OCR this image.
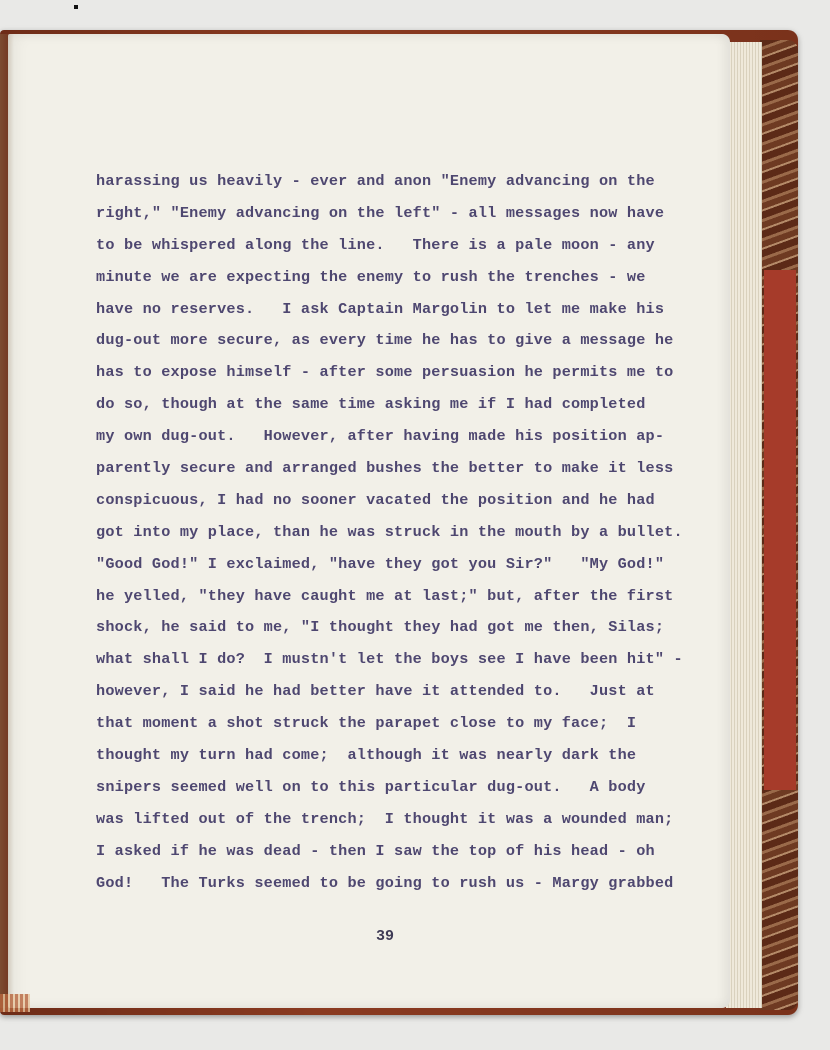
harassing us heavily - ever and anon "Enemy advancing on the
right," "Enemy advancing on the left" - all messages now have
to be whispered along the line.   There is a pale moon - any
minute we are expecting the enemy to rush the trenches - we
have no reserves.   I ask Captain Margolin to let me make his
dug-out more secure, as every time he has to give a message he
has to expose himself - after some persuasion he permits me to
do so, though at the same time asking me if I had completed
my own dug-out.   However, after having made his position ap-
parently secure and arranged bushes the better to make it less
conspicuous, I had no sooner vacated the position and he had
got into my place, than he was struck in the mouth by a bullet.
"Good God!" I exclaimed, "have they got you Sir?"   "My God!"
he yelled, "they have caught me at last;" but, after the first
shock, he said to me, "I thought they had got me then, Silas;
what shall I do?  I mustn't let the boys see I have been hit" -
however, I said he had better have it attended to.   Just at
that moment a shot struck the parapet close to my face;  I
thought my turn had come;  although it was nearly dark the
snipers seemed well on to this particular dug-out.   A body
was lifted out of the trench;  I thought it was a wounded man;
I asked if he was dead - then I saw the top of his head - oh
God!   The Turks seemed to be going to rush us - Margy grabbed
39
